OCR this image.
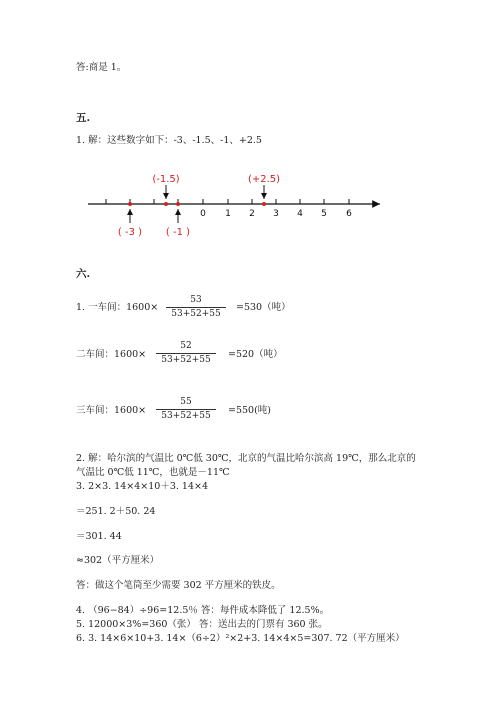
答:商是 1。
五.
1. 解：这些数字如下：-3、-1.5、-1、+2.5
0 1 2 3 4 5 6
(-1.5)	(+2.5)
( -3 ) ( -1 )
六.
1. 一车间：1600×
53
53+52+55
=530（吨）
二车间：1600×
52
53+52+55	=520（吨）
三车间：1600×
55
53+52+55	=550(吨)
2. 解：哈尔滨的气温比 0℃低 30℃，北京的气温比哈尔滨高 19℃，那么北京的
气温比 0℃低 11℃，也就是－11℃
3. 2×3. 14×4×10＋3. 14×4
＝251. 2＋50. 24
＝301. 44
≈302（平方厘米）
答：做这个笔筒至少需要 302 平方厘米的铁皮。
4. （96−84）÷96=12.5％ 答：每件成本降低了 12.5%。
5. 12000×3%=360（张） 答：送出去的门票有 360 张。
6. 3. 14×6×10+3. 14×（6÷2）²×2+3. 14×4×5=307. 72（平方厘米）
